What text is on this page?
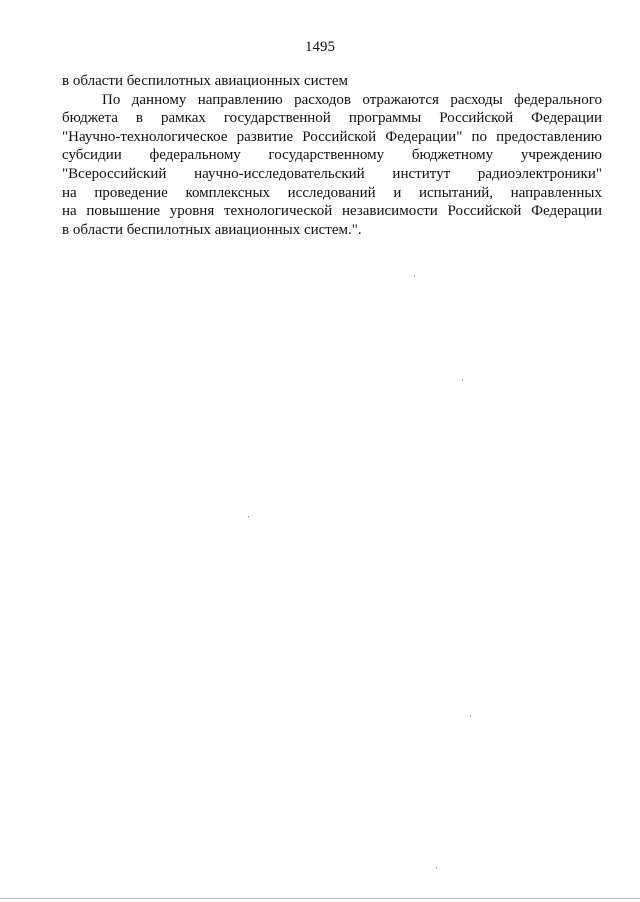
1495
в области беспилотных авиационных систем
По данному направлению расходов отражаются расходы федерального
бюджета в рамках государственной программы Российской Федерации
"Научно-технологическое развитие Российской Федерации" по предоставлению
субсидии федеральному государственному бюджетному учреждению
"Всероссийский научно-исследовательский институт радиоэлектроники"
на проведение комплексных исследований и испытаний, направленных
на повышение уровня технологической независимости Российской Федерации
в области беспилотных авиационных систем.".
